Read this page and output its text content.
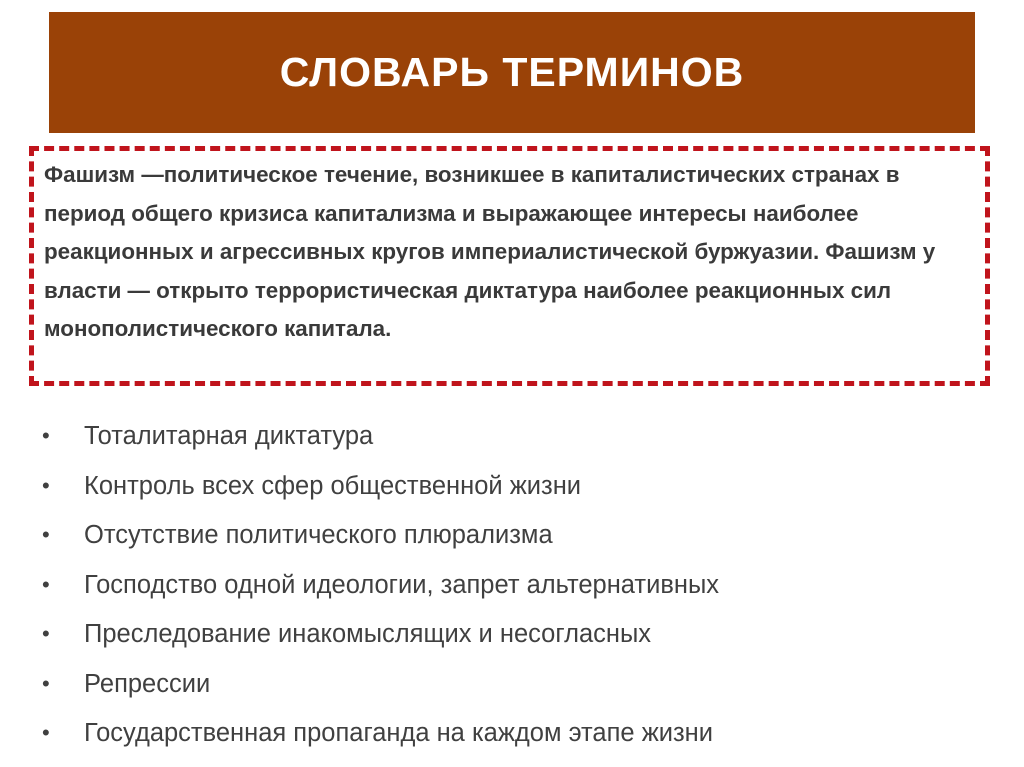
СЛОВАРЬ ТЕРМИНОВ
Фашизм —политическое течение, возникшее в капиталистических странах в период общего кризиса капитализма и выражающее интересы наиболее реакционных и агрессивных кругов империалистической буржуазии. Фашизм у власти — открыто террористическая диктатура наиболее реакционных сил монополистического капитала.
•	Тоталитарная диктатура
•	Контроль всех сфер общественной жизни
•	Отсутствие политического плюрализма
•	Господство одной идеологии, запрет альтернативных
•	Преследование инакомыслящих и несогласных
•	Репрессии
•	Государственная пропаганда на каждом этапе жизни
